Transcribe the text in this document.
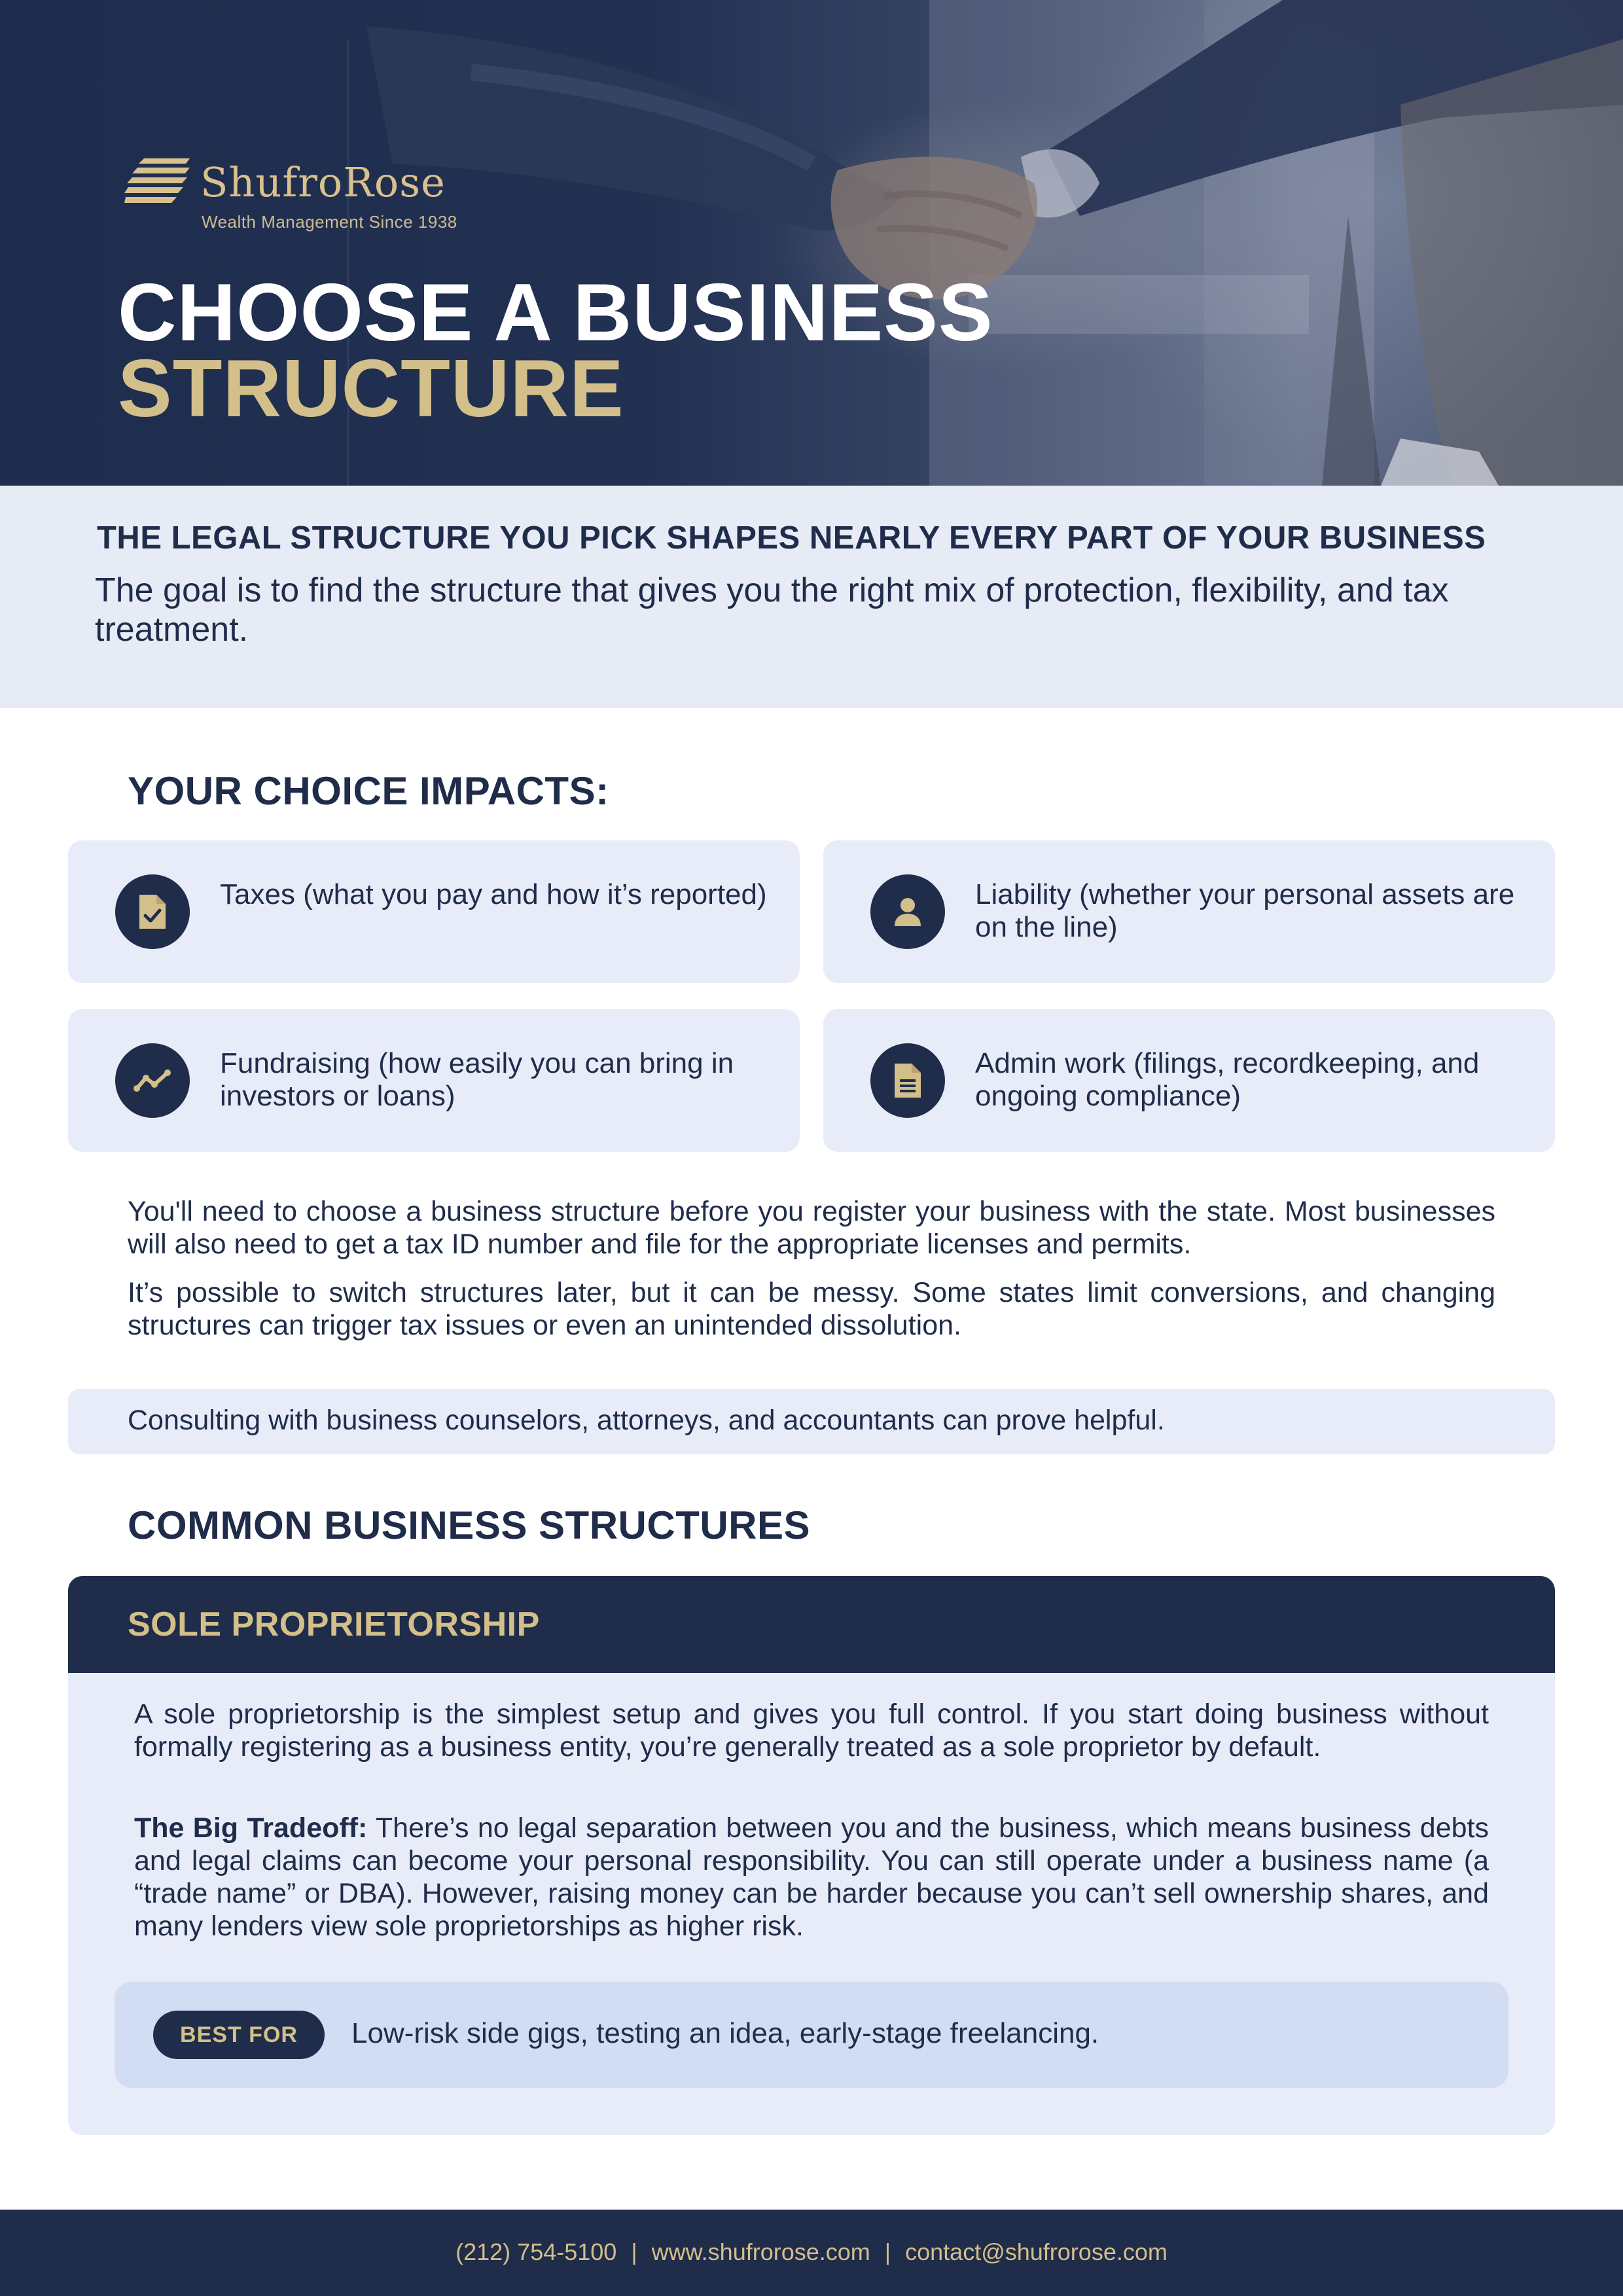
ShufroRose
Wealth Management Since 1938
CHOOSE A BUSINESS
STRUCTURE
THE LEGAL STRUCTURE YOU PICK SHAPES NEARLY EVERY PART OF YOUR BUSINESS
The goal is to find the structure that gives you the right mix of protection, flexibility, and tax treatment.
YOUR CHOICE IMPACTS:
Taxes (what you pay and how it’s reported)	Liability (whether your personal assets are on the line)
Fundraising (how easily you can bring in investors or loans)
Admin work (filings, recordkeeping, and ongoing compliance)

You'll need to choose a business structure before you register your business with the state. Most businesses will also need to get a tax ID number and file for the appropriate licenses and permits.

It’s possible to switch structures later, but it can be messy. Some states limit conversions, and changing structures can trigger tax issues or even an unintended dissolution.

Consulting with business counselors, attorneys, and accountants can prove helpful.
COMMON BUSINESS STRUCTURES
SOLE PROPRIETORSHIP

A sole proprietorship is the simplest setup and gives you full control. If you start doing business without formally registering as a business entity, you’re generally treated as a sole proprietor by default.

The Big Tradeoff: There’s no legal separation between you and the business, which means business debts and legal claims can become your personal responsibility. You can still operate under a business name (a “trade name” or DBA). However, raising money can be harder because you can’t sell ownership shares, and many lenders view sole proprietorships as higher risk.

BEST FOR	Low-risk side gigs, testing an idea, early-stage freelancing.
(212) 754-5100 | www.shufrorose.com | contact@shufrorose.com
